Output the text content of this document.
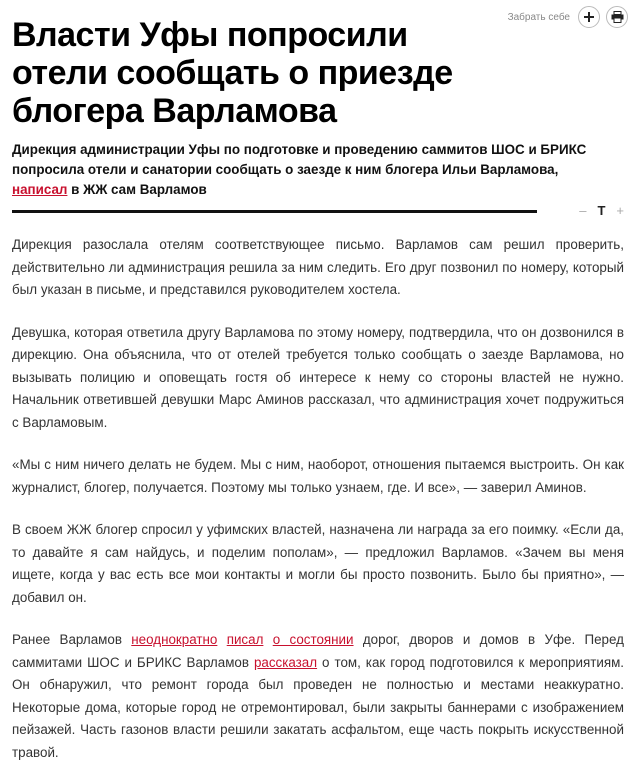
Забрать себе
Власти Уфы попросили отели сообщать о приезде блогера Варламова

Дирекция администрации Уфы по подготовке и проведению саммитов ШОС и БРИКС попросила отели и санатории сообщать о заезде к ним блогера Ильи Варламова, написал в ЖЖ сам Варламов

– T +

Дирекция разослала отелям соответствующее письмо. Варламов сам решил проверить, действительно ли администрация решила за ним следить. Его друг позвонил по номеру, который был указан в письме, и представился руководителем хостела.

Девушка, которая ответила другу Варламова по этому номеру, подтвердила, что он дозвонился в дирекцию. Она объяснила, что от отелей требуется только сообщать о заезде Варламова, но вызывать полицию и оповещать гостя об интересе к нему со стороны властей не нужно. Начальник ответившей девушки Марс Аминов рассказал, что администрация хочет подружиться с Варламовым.

«Мы с ним ничего делать не будем. Мы с ним, наоборот, отношения пытаемся выстроить. Он как журналист, блогер, получается. Поэтому мы только узнаем, где. И все», — заверил Аминов.

В своем ЖЖ блогер спросил у уфимских властей, назначена ли награда за его поимку. «Если да, то давайте я сам найдусь, и поделим пополам», — предложил Варламов. «Зачем вы меня ищете, когда у вас есть все мои контакты и могли бы просто позвонить. Было бы приятно», — добавил он.

Ранее Варламов неоднократно писал о состоянии дорог, дворов и домов в Уфе. Перед саммитами ШОС и БРИКС Варламов рассказал о том, как город подготовился к мероприятиям. Он обнаружил, что ремонт города был проведен не полностью и местами неаккуратно. Некоторые дома, которые город не отремонтировал, были закрыты баннерами с изображением пейзажей. Часть газонов власти решили закатать асфальтом, еще часть покрыть искусственной травой.
